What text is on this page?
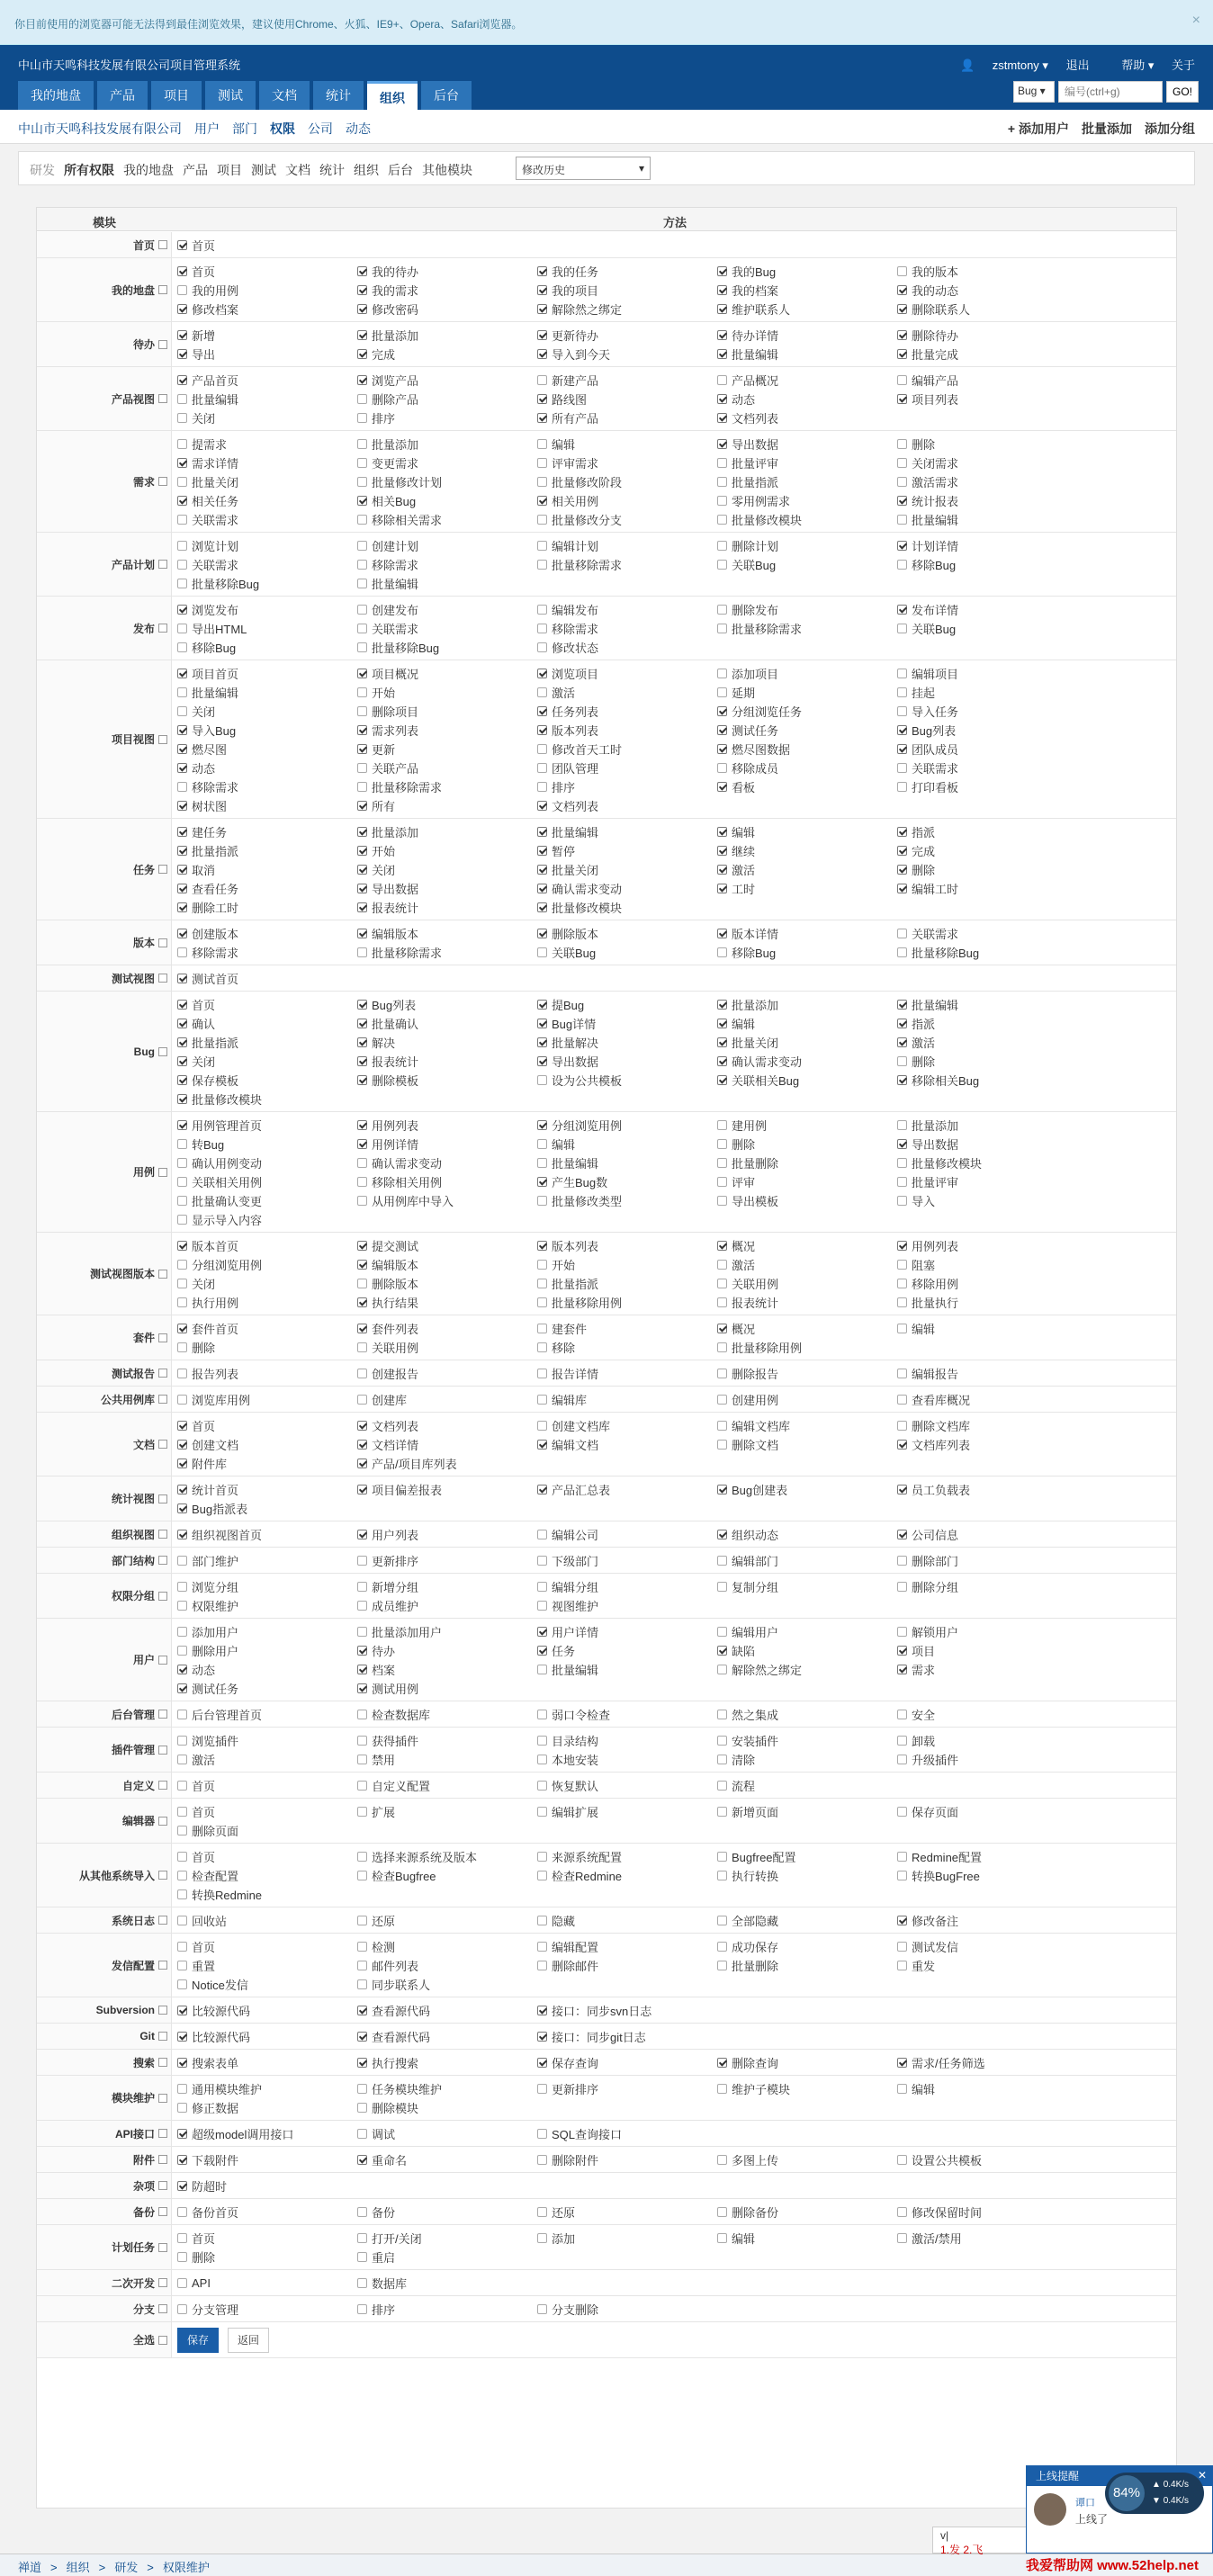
你目前使用的浏览器可能无法得到最佳浏览效果，建议使用Chrome、火狐、IE9+、Opera、Safari浏览器。	×
中山市天鸣科技发展有限公司项目管理系统	👤 zstmtony ▾ 退出	帮助 ▾ 关于
我的地盘	产品	项目	测试	文档	统计	组织	后台	Bug ▾
编号(ctrl+g)	GO!
中山市天鸣科技发展有限公司 用户 部门 权限 公司 动态	+ 添加用户 批量添加 添加分组
研发 所有权限 我的地盘 产品 项目 测试 文档 统计 组织 后台 其他模块	修改历史	▾
模块	方法
首页	首页
我的地盘
首页	我的待办	我的任务	我的Bug	我的版本
我的用例	我的需求	我的项目	我的档案	我的动态
修改档案	修改密码	解除然之绑定	维护联系人	删除联系人
待办
新增	批量添加	更新待办	待办详情	删除待办
导出	完成	导入到今天	批量编辑	批量完成
产品视图
产品首页	浏览产品	新建产品	产品概况	编辑产品
批量编辑	删除产品	路线图	动态	项目列表
关闭	排序	所有产品	文档列表
需求
提需求	批量添加	编辑	导出数据	删除
需求详情	变更需求	评审需求	批量评审	关闭需求
批量关闭	批量修改计划	批量修改阶段	批量指派	激活需求
相关任务	相关Bug	相关用例	零用例需求	统计报表
关联需求	移除相关需求	批量修改分支	批量修改模块	批量编辑
产品计划
浏览计划	创建计划	编辑计划	删除计划	计划详情
关联需求	移除需求	批量移除需求	关联Bug	移除Bug
批量移除Bug	批量编辑
发布
浏览发布	创建发布	编辑发布	删除发布	发布详情
导出HTML	关联需求	移除需求	批量移除需求	关联Bug
移除Bug	批量移除Bug	修改状态
项目视图
项目首页	项目概况	浏览项目	添加项目	编辑项目
批量编辑	开始	激活	延期	挂起
关闭	删除项目	任务列表	分组浏览任务	导入任务
导入Bug	需求列表	版本列表	测试任务	Bug列表
燃尽图	更新	修改首天工时	燃尽图数据	团队成员
动态	关联产品	团队管理	移除成员	关联需求
移除需求	批量移除需求	排序	看板	打印看板
树状图	所有	文档列表
任务
建任务	批量添加	批量编辑	编辑	指派
批量指派	开始	暂停	继续	完成
取消	关闭	批量关闭	激活	删除
查看任务	导出数据	确认需求变动	工时	编辑工时
删除工时	报表统计	批量修改模块
版本
创建版本	编辑版本	删除版本	版本详情	关联需求
移除需求	批量移除需求	关联Bug	移除Bug	批量移除Bug
测试视图	测试首页
Bug
首页	Bug列表	提Bug	批量添加	批量编辑
确认	批量确认	Bug详情	编辑	指派
批量指派	解决	批量解决	批量关闭	激活
关闭	报表统计	导出数据	确认需求变动	删除
保存模板	删除模板	设为公共模板	关联相关Bug	移除相关Bug
批量修改模块
用例
用例管理首页	用例列表	分组浏览用例	建用例	批量添加
转Bug	用例详情	编辑	删除	导出数据
确认用例变动	确认需求变动	批量编辑	批量删除	批量修改模块
关联相关用例	移除相关用例	产生Bug数	评审	批量评审
批量确认变更	从用例库中导入	批量修改类型	导出模板	导入
显示导入内容
测试视图版本
版本首页	提交测试	版本列表	概况	用例列表
分组浏览用例	编辑版本	开始	激活	阻塞
关闭	删除版本	批量指派	关联用例	移除用例
执行用例	执行结果	批量移除用例	报表统计	批量执行
套件
套件首页	套件列表	建套件	概况	编辑
删除	关联用例	移除	批量移除用例
测试报告	报告列表	创建报告	报告详情	删除报告	编辑报告
公共用例库	浏览库用例	创建库	编辑库	创建用例	查看库概况
文档
首页	文档列表	创建文档库	编辑文档库	删除文档库
创建文档	文档详情	编辑文档	删除文档	文档库列表
附件库	产品/项目库列表
统计视图
统计首页	项目偏差报表	产品汇总表	Bug创建表	员工负载表
Bug指派表
组织视图	组织视图首页	用户列表	编辑公司	组织动态	公司信息
部门结构	部门维护	更新排序	下级部门	编辑部门	删除部门
权限分组
浏览分组	新增分组	编辑分组	复制分组	删除分组
权限维护	成员维护	视图维护
用户
添加用户	批量添加用户	用户详情	编辑用户	解锁用户
删除用户	待办	任务	缺陷	项目
动态	档案	批量编辑	解除然之绑定	需求
测试任务	测试用例
后台管理	后台管理首页	检查数据库	弱口令检查	然之集成	安全
插件管理
浏览插件	获得插件	目录结构	安装插件	卸载
激活	禁用	本地安装	清除	升级插件
自定义	首页	自定义配置	恢复默认	流程
编辑器
首页	扩展	编辑扩展	新增页面	保存页面
删除页面
从其他系统导入
首页	选择来源系统及版本	来源系统配置	Bugfree配置	Redmine配置
检查配置	检查Bugfree	检查Redmine	执行转换	转换BugFree
转换Redmine
系统日志	回收站	还原	隐藏	全部隐藏	修改备注
发信配置
首页	检测	编辑配置	成功保存	测试发信
重置	邮件列表	删除邮件	批量删除	重发
Notice发信	同步联系人
Subversion	比较源代码	查看源代码	接口：同步svn日志
Git	比较源代码	查看源代码	接口：同步git日志
搜索	搜索表单	执行搜索	保存查询	删除查询	需求/任务筛选
模块维护
通用模块维护	任务模块维护	更新排序	维护子模块	编辑
修正数据	删除模块
API接口	超级model调用接口	调试	SQL查询接口
附件	下载附件	重命名	删除附件	多图上传	设置公共模板
杂项	防超时
备份	备份首页	备份	还原	删除备份	修改保留时间
计划任务
首页	打开/关闭	添加	编辑	激活/禁用
删除	重启
二次开发	API	数据库
分支	分支管理	排序	分支删除
全选	保存	返回
禅道 > 组织 > 研发 > 权限维护
v|
1.发 2.飞
上线提醒	✕
谭口
上线了
84%
▲ 0.4K/s
▼ 0.4K/s
我爱帮助网 www.52help.net
